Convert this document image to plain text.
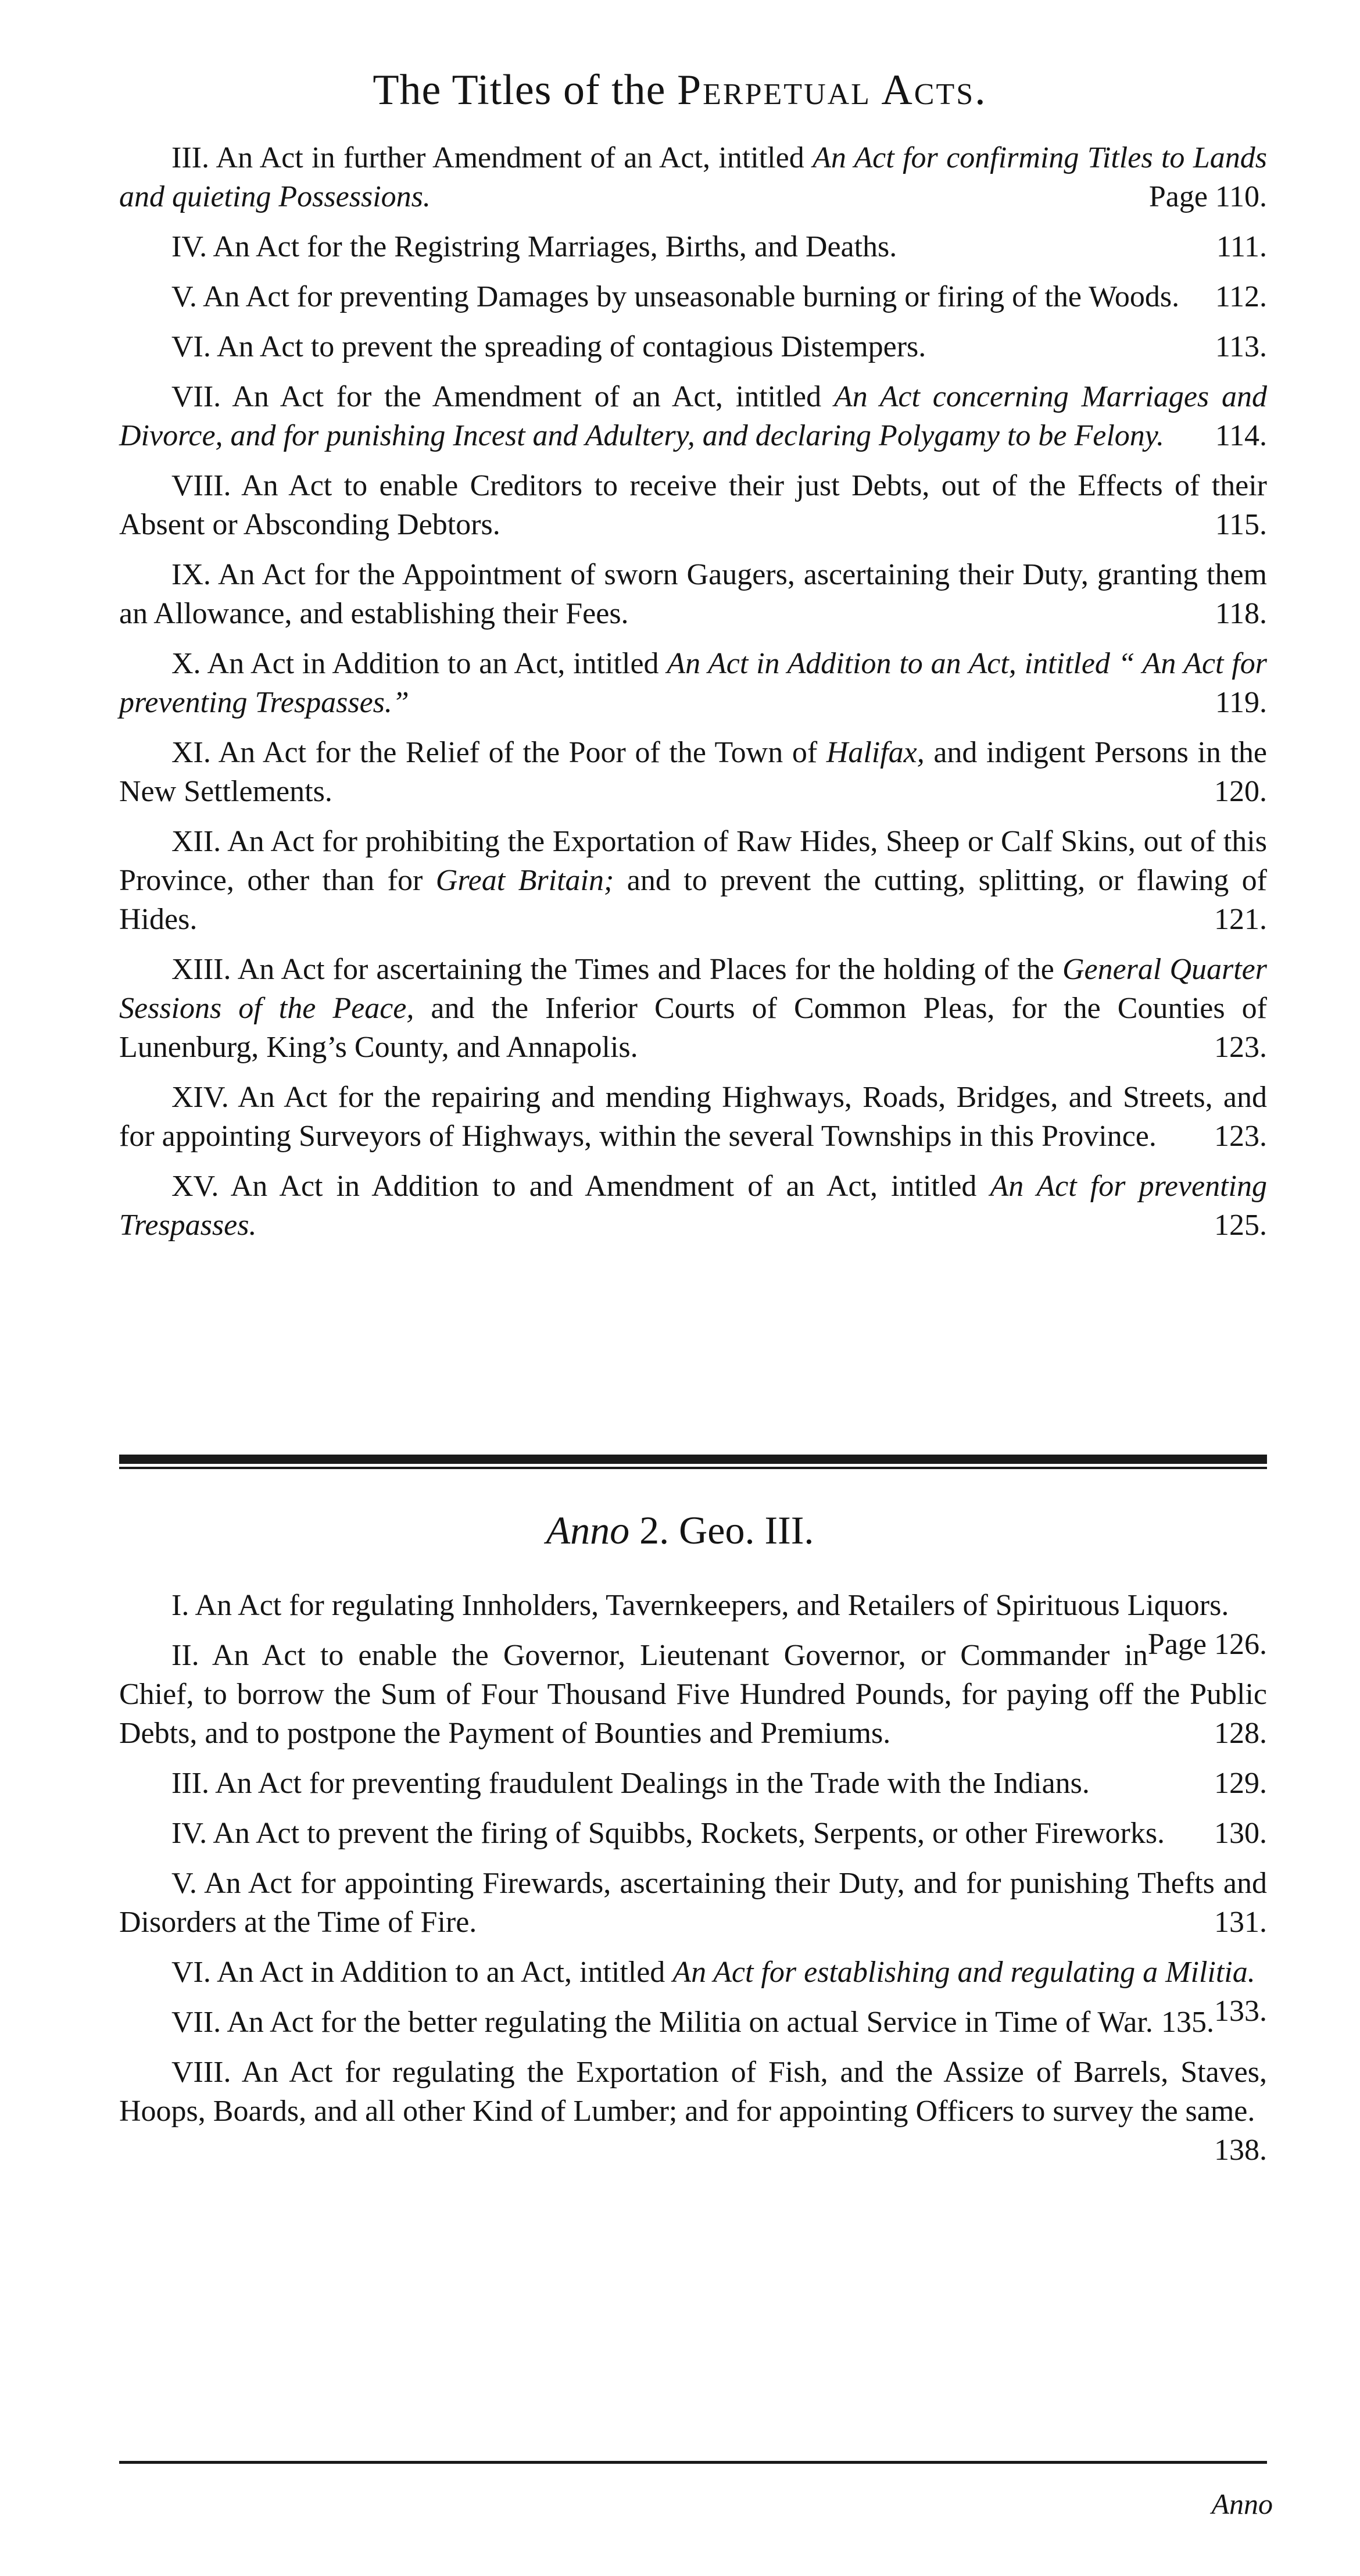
The Titles of the Perpetual Acts.

III. An Act in further Amendment of an Act, intitled An Act for confirming Titles to Lands and quieting Possessions.	Page 110.

IV. An Act for the Registring Marriages, Births, and Deaths.	111.

V. An Act for preventing Damages by unseasonable burning or firing of the Woods. 112.

VI. An Act to prevent the spreading of contagious Distempers.	113.

VII. An Act for the Amendment of an Act, intitled An Act concerning Marriages and Divorce, and for punishing Incest and Adultery, and declaring Polygamy to be Felony. 114.

VIII. An Act to enable Creditors to receive their just Debts, out of the Effects of their Absent or Absconding Debtors.	115.

IX. An Act for the Appointment of sworn Gaugers, ascertaining their Duty, granting them an Allowance, and establishing their Fees.	118.

X. An Act in Addition to an Act, intitled An Act in Addition to an Act, intitled “ An Act for preventing Trespasses.”	119.

XI. An Act for the Relief of the Poor of the Town of Halifax, and indigent Persons in the New Settlements.	120.

XII. An Act for prohibiting the Exportation of Raw Hides, Sheep or Calf Skins, out of this Province, other than for Great Britain; and to prevent the cutting, splitting, or flawing of Hides.	121.

XIII. An Act for ascertaining the Times and Places for the holding of the General Quarter Sessions of the Peace, and the Inferior Courts of Common Pleas, for the Counties of Lunenburg, King’s County, and Annapolis.	123.

XIV. An Act for the repairing and mending Highways, Roads, Bridges, and Streets, and for appointing Surveyors of Highways, within the several Townships in this Province. 123.

XV. An Act in Addition to and Amendment of an Act, intitled An Act for preventing Trespasses.	125.

Anno 2. Geo. III.

I. An Act for regulating Innholders, Tavernkeepers, and Retailers of Spirituous Liquors.
Page 126.

II. An Act to enable the Governor, Lieutenant Governor, or Commander in Chief, to borrow the Sum of Four Thousand Five Hundred Pounds, for paying off the Public Debts, and to postpone the Payment of Bounties and Premiums.	128.

III. An Act for preventing fraudulent Dealings in the Trade with the Indians.	129.

IV. An Act to prevent the firing of Squibbs, Rockets, Serpents, or other Fireworks. 130.

V. An Act for appointing Firewards, ascertaining their Duty, and for punishing Thefts and Disorders at the Time of Fire.	131.

VI. An Act in Addition to an Act, intitled An Act for establishing and regulating a Militia.
133.

VII. An Act for the better regulating the Militia on actual Service in Time of War. 135.

VIII. An Act for regulating the Exportation of Fish, and the Assize of Barrels, Staves, Hoops, Boards, and all other Kind of Lumber; and for appointing Officers to survey the same.
138.

Anno
